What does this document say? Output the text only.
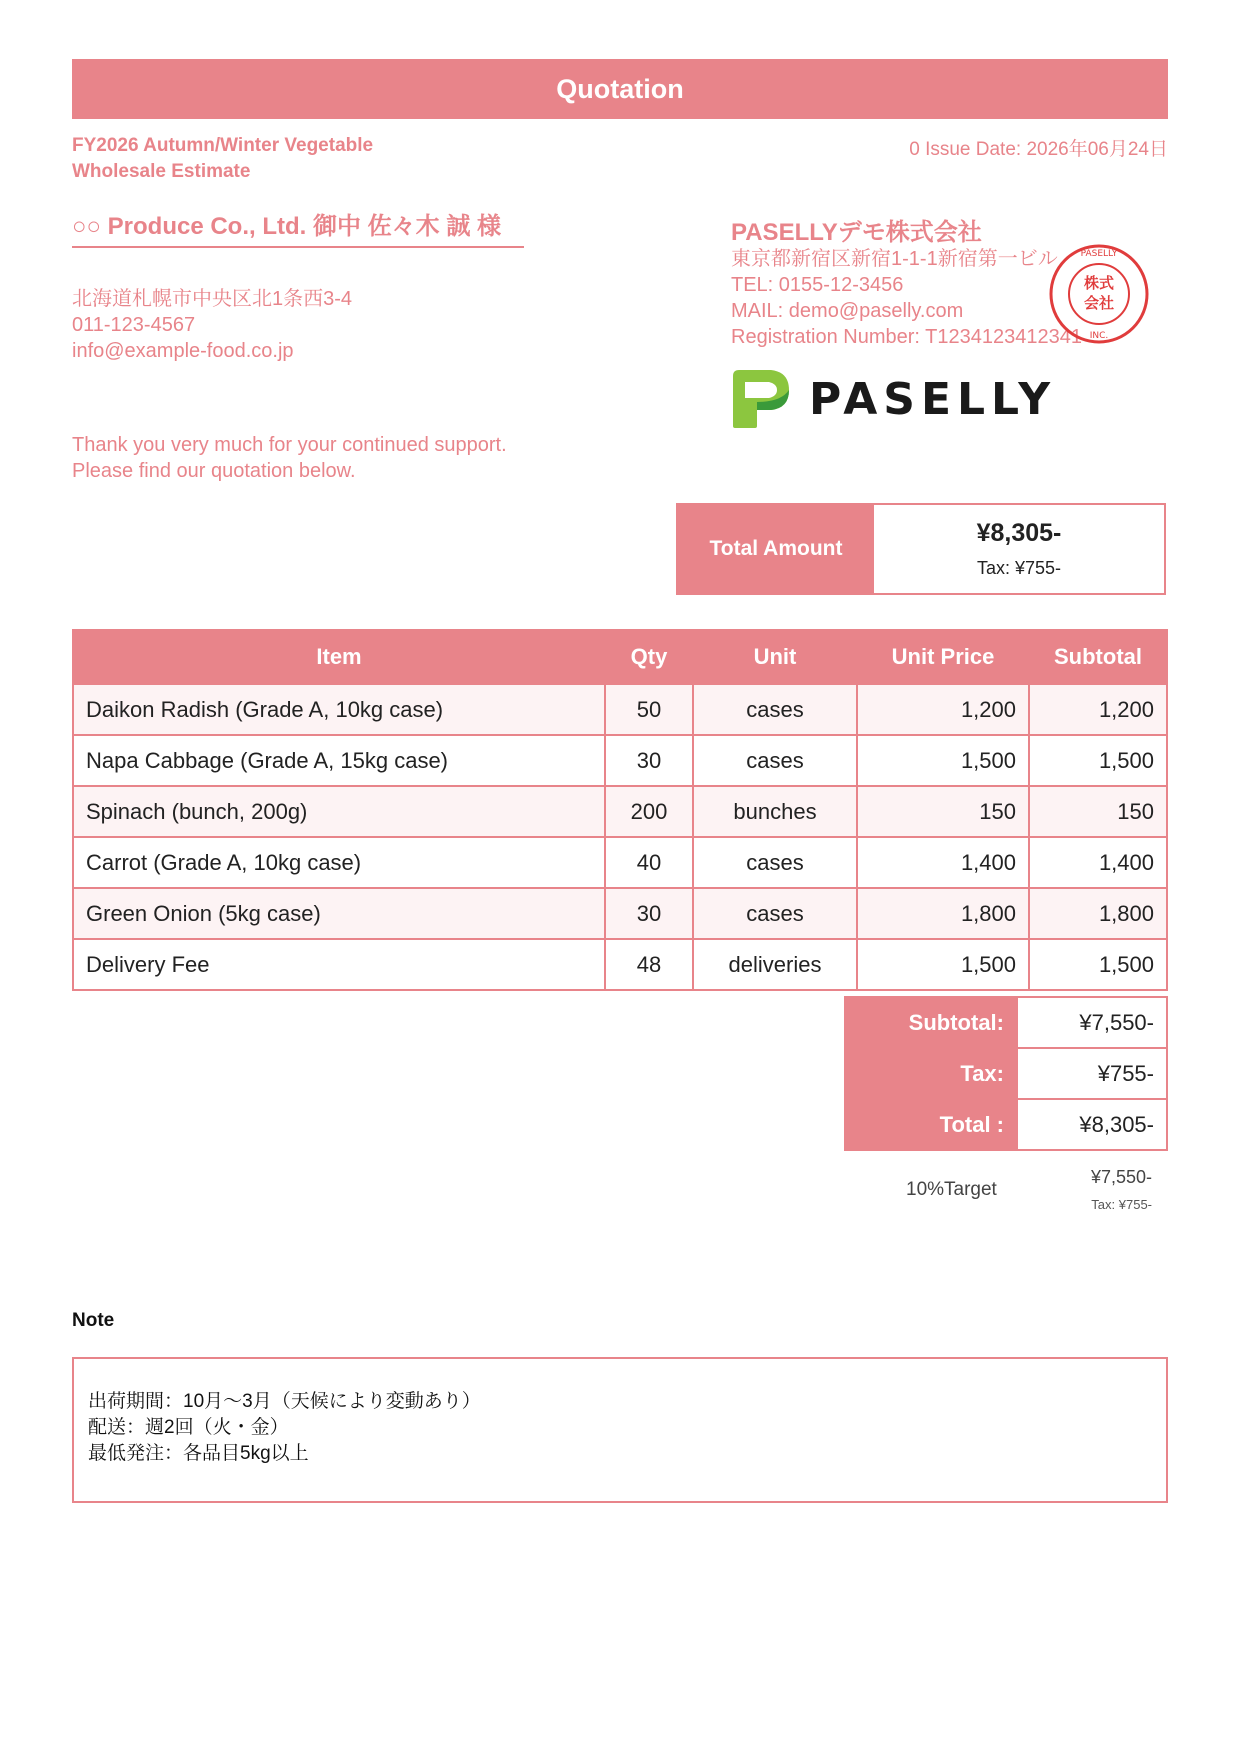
Quotation
FY2026 Autumn/Winter Vegetable Wholesale Estimate
0 Issue Date: 2026年06月24日
○○ Produce Co., Ltd. 御中 佐々木 誠 様
北海道札幌市中央区北1条西3-4
011-123-4567
info@example-food.co.jp
PASELLYデモ株式会社
東京都新宿区新宿1-1-1新宿第一ビル
TEL: 0155-12-3456
MAIL: demo@paselly.com
Registration Number: T1234123412341
株式
会社
PASELLY
INC.
PASELLY
Thank you very much for your continued support.
Please find our quotation below.
Total Amount
¥8,305-
Tax: ¥755-
Item	Qty	Unit	Unit Price	Subtotal
Daikon Radish (Grade A, 10kg case)	50	cases	1,200	1,200
Napa Cabbage (Grade A, 15kg case)	30	cases	1,500	1,500
Spinach (bunch, 200g)	200	bunches	150	150
Carrot (Grade A, 10kg case)	40	cases	1,400	1,400
Green Onion (5kg case)	30	cases	1,800	1,800
Delivery Fee	48	deliveries	1,500	1,500
Subtotal:	¥7,550-
Tax:	¥755-
Total :	¥8,305-
10%Target
¥7,550-
Tax: ¥755-
Note
出荷期間：10月〜3月（天候により変動あり）
配送：週2回（火・金）
最低発注：各品目5kg以上
